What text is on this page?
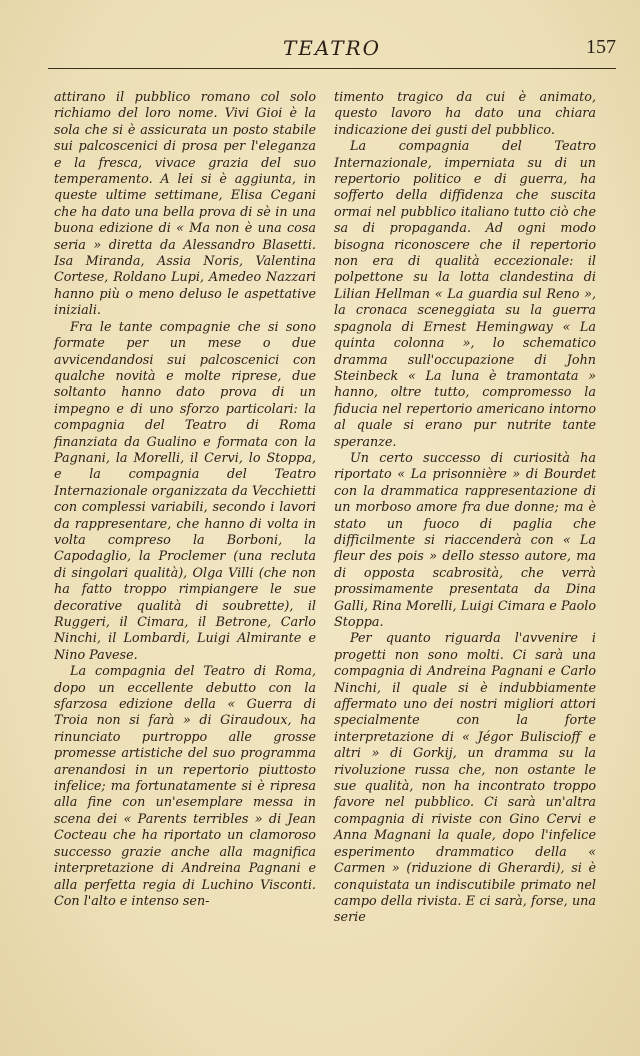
TEATRO	157

attirano il pubblico romano col solo richiamo del loro nome. Vivi Gioi è la sola che si è assicurata un posto stabile sui palcoscenici di prosa per l'eleganza e la fresca, vivace grazia del suo temperamento. A lei si è aggiunta, in queste ultime settimane, Elisa Cegani che ha dato una bella prova di sè in una buona edizione di « Ma non è una cosa seria » diretta da Alessandro Blasetti. Isa Miranda, Assia Noris, Valentina Cortese, Roldano Lupi, Amedeo Nazzari hanno più o meno deluso le aspettative iniziali.

Fra le tante compagnie che si sono formate per un mese o due avvicendandosi sui palcoscenici con qualche novità e molte riprese, due soltanto hanno dato prova di un impegno e di uno sforzo particolari: la compagnia del Teatro di Roma finanziata da Gualino e formata con la Pagnani, la Morelli, il Cervi, lo Stoppa, e la compagnia del Teatro Internazionale organizzata da Vecchietti con complessi variabili, secondo i lavori da rappresentare, che hanno di volta in volta compreso la Borboni, la Capodaglio, la Proclemer (una recluta di singolari qualità), Olga Villi (che non ha fatto troppo rimpiangere le sue decorative qualità di soubrette), il Ruggeri, il Cimara, il Betrone, Carlo Ninchi, il Lombardi, Luigi Almirante e Nino Pavese.

La compagnia del Teatro di Roma, dopo un eccellente debutto con la sfarzosa edizione della « Guerra di Troia non si farà » di Giraudoux, ha rinunciato purtroppo alle grosse promesse artistiche del suo programma arenandosi in un repertorio piuttosto infelice; ma fortunatamente si è ripresa alla fine con un'esemplare messa in scena dei « Parents terribles » di Jean Cocteau che ha riportato un clamoroso successo grazie anche alla magnifica interpretazione di Andreina Pagnani e alla perfetta regia di Luchino Visconti. Con l'alto e intenso sen-

timento tragico da cui è animato, questo lavoro ha dato una chiara indicazione dei gusti del pubblico.

La compagnia del Teatro Internazionale, imperniata su di un repertorio politico e di guerra, ha sofferto della diffidenza che suscita ormai nel pubblico italiano tutto ciò che sa di propaganda. Ad ogni modo bisogna riconoscere che il repertorio non era di qualità eccezionale: il polpettone su la lotta clandestina di Lilian Hellman « La guardia sul Reno », la cronaca sceneggiata su la guerra spagnola di Ernest Hemingway « La quinta colonna », lo schematico dramma sull'occupazione di John Steinbeck « La luna è tramontata » hanno, oltre tutto, compromesso la fiducia nel repertorio americano intorno al quale si erano pur nutrite tante speranze.

Un certo successo di curiosità ha riportato « La prisonnière » di Bourdet con la drammatica rappresentazione di un morboso amore fra due donne; ma è stato un fuoco di paglia che difficilmente si riaccenderà con « La fleur des pois » dello stesso autore, ma di opposta scabrosità, che verrà prossimamente presentata da Dina Galli, Rina Morelli, Luigi Cimara e Paolo Stoppa.

Per quanto riguarda l'avvenire i progetti non sono molti. Ci sarà una compagnia di Andreina Pagnani e Carlo Ninchi, il quale si è indubbiamente affermato uno dei nostri migliori attori specialmente con la forte interpretazione di « Jégor Buliscioff e altri » di Gorkij, un dramma su la rivoluzione russa che, non ostante le sue qualità, non ha incontrato troppo favore nel pubblico. Ci sarà un'altra compagnia di riviste con Gino Cervi e Anna Magnani la quale, dopo l'infelice esperimento drammatico della « Carmen » (riduzione di Gherardi), si è conquistata un indiscutibile primato nel campo della rivista. E ci sarà, forse, una serie
